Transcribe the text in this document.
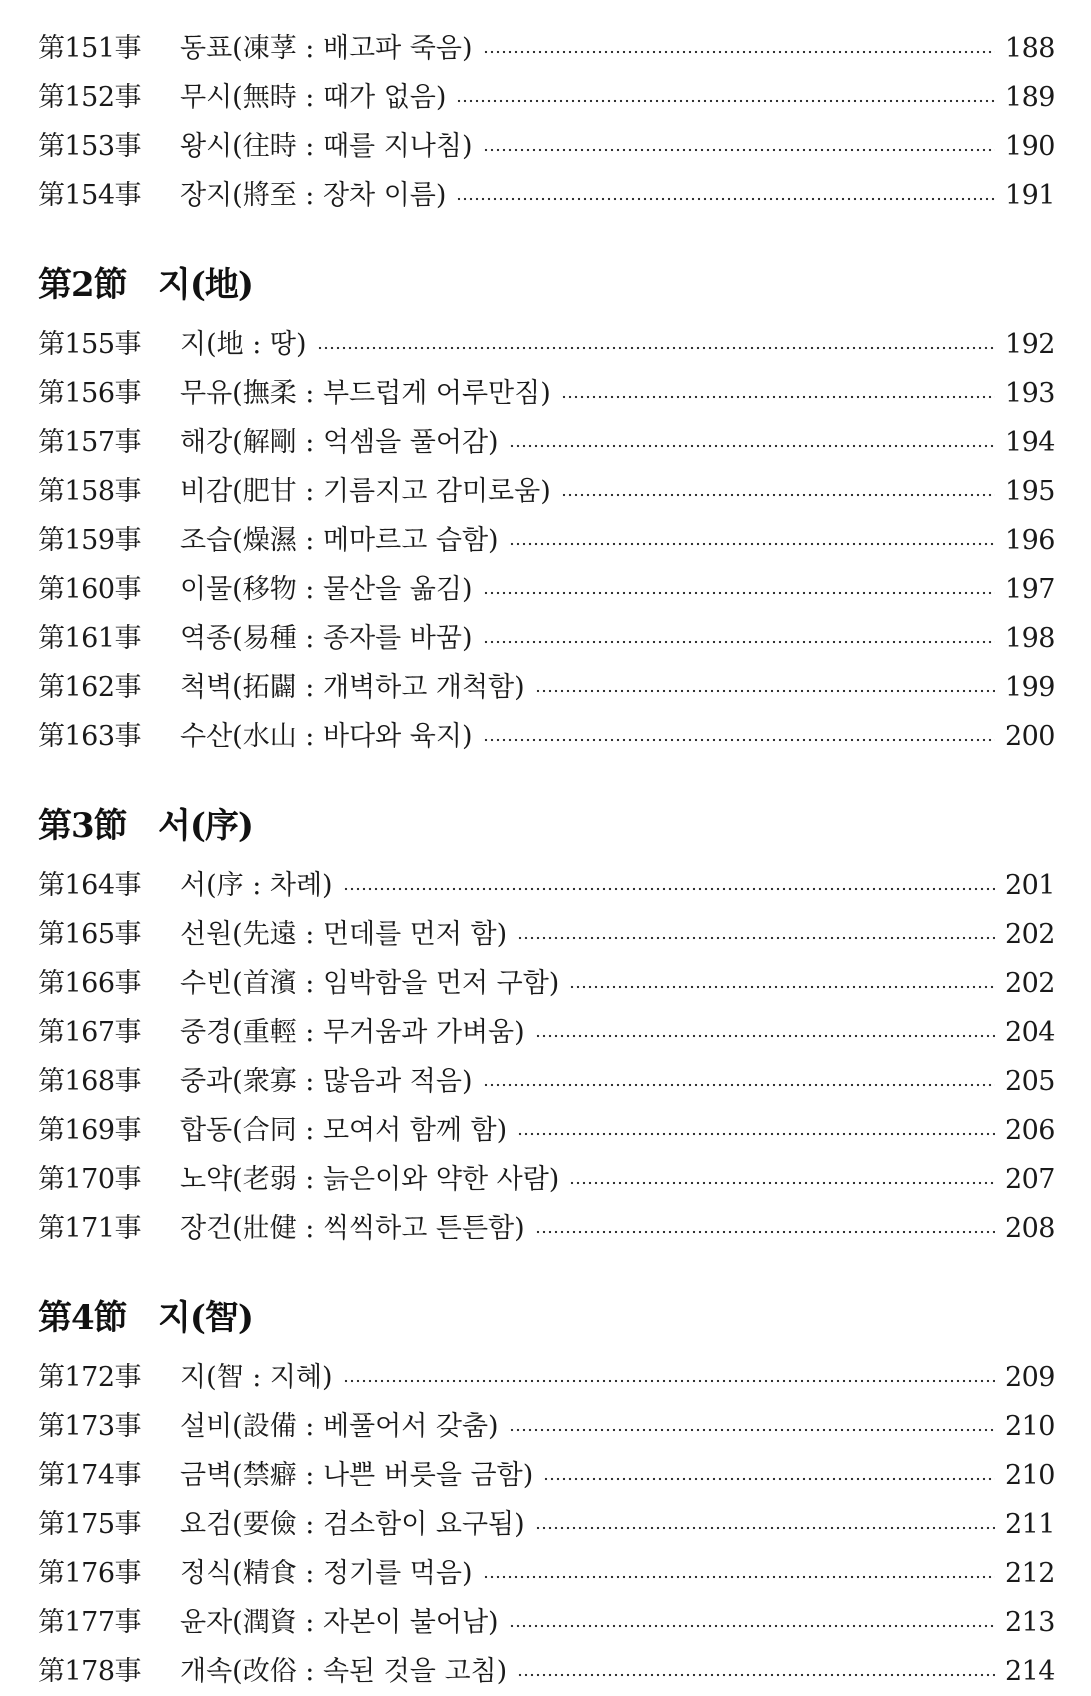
第151事	동표(凍莩 : 배고파 죽음)	188
第152事	무시(無時 : 때가 없음)	189
第153事	왕시(往時 : 때를 지나침)	190
第154事	장지(將至 : 장차 이름)	191
第2節 지(地)
第155事	지(地 : 땅)	192
第156事	무유(撫柔 : 부드럽게 어루만짐)	193
第157事	해강(解剛 : 억셈을 풀어감)	194
第158事	비감(肥甘 : 기름지고 감미로움)	195
第159事	조습(燥濕 : 메마르고 습함)	196
第160事	이물(移物 : 물산을 옮김)	197
第161事	역종(易種 : 종자를 바꿈)	198
第162事	척벽(拓闢 : 개벽하고 개척함)	199
第163事	수산(水山 : 바다와 육지)	200
第3節 서(序)
第164事	서(序 : 차례)	201
第165事	선원(先遠 : 먼데를 먼저 함)	202
第166事	수빈(首濱 : 임박함을 먼저 구함)	202
第167事	중경(重輕 : 무거움과 가벼움)	204
第168事	중과(衆寡 : 많음과 적음)	205
第169事	합동(合同 : 모여서 함께 함)	206
第170事	노약(老弱 : 늙은이와 약한 사람)	207
第171事	장건(壯健 : 씩씩하고 튼튼함)	208
第4節 지(智)
第172事	지(智 : 지혜)	209
第173事	설비(設備 : 베풀어서 갖춤)	210
第174事	금벽(禁癖 : 나쁜 버릇을 금함)	210
第175事	요검(要儉 : 검소함이 요구됨)	211
第176事	정식(精食 : 정기를 먹음)	212
第177事	윤자(潤資 : 자본이 불어남)	213
第178事	개속(改俗 : 속된 것을 고침)	214
